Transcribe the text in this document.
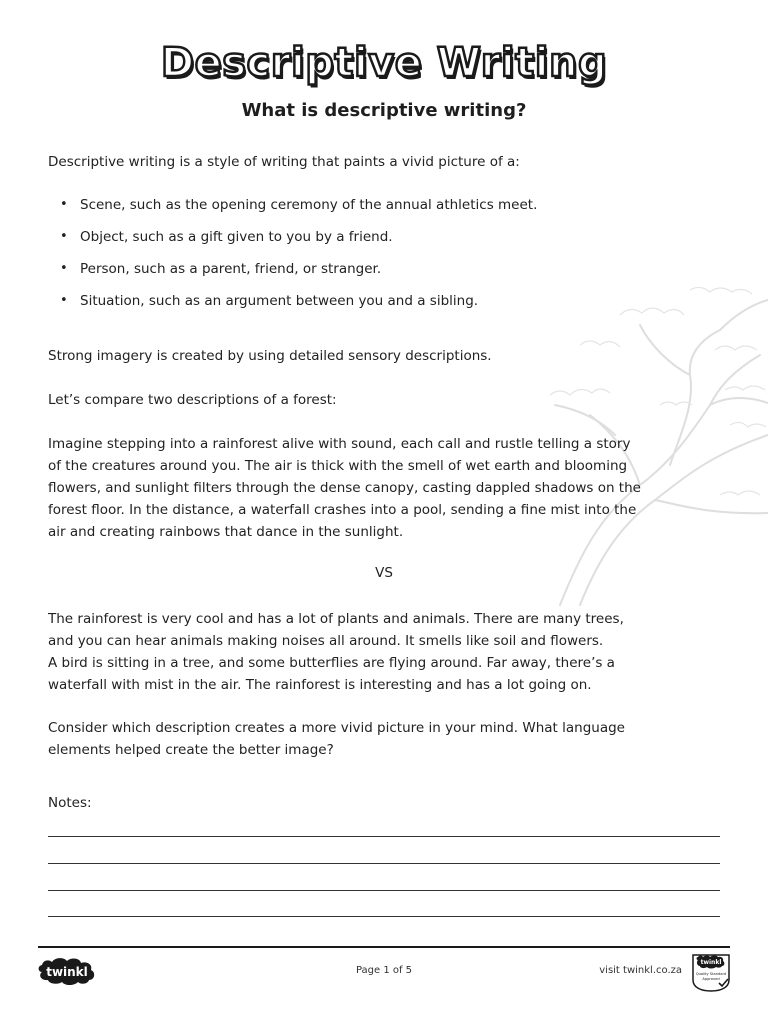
Descriptive Writing
What is descriptive writing?
Descriptive writing is a style of writing that paints a vivid picture of a:
• Scene, such as the opening ceremony of the annual athletics meet.
• Object, such as a gift given to you by a friend.
• Person, such as a parent, friend, or stranger.
• Situation, such as an argument between you and a sibling.
Strong imagery is created by using detailed sensory descriptions.
Let’s compare two descriptions of a forest:
Imagine stepping into a rainforest alive with sound, each call and rustle telling a story
of the creatures around you. The air is thick with the smell of wet earth and blooming
flowers, and sunlight filters through the dense canopy, casting dappled shadows on the
forest floor. In the distance, a waterfall crashes into a pool, sending a fine mist into the
air and creating rainbows that dance in the sunlight.
VS
The rainforest is very cool and has a lot of plants and animals. There are many trees,
and you can hear animals making noises all around. It smells like soil and flowers.
A bird is sitting in a tree, and some butterflies are flying around. Far away, there’s a
waterfall with mist in the air. The rainforest is interesting and has a lot going on.
Consider which description creates a more vivid picture in your mind. What language
elements helped create the better image?
Notes:
twinkl	Page 1 of 5	visit twinkl.co.za
twinkl
Quality Standard
Approved
